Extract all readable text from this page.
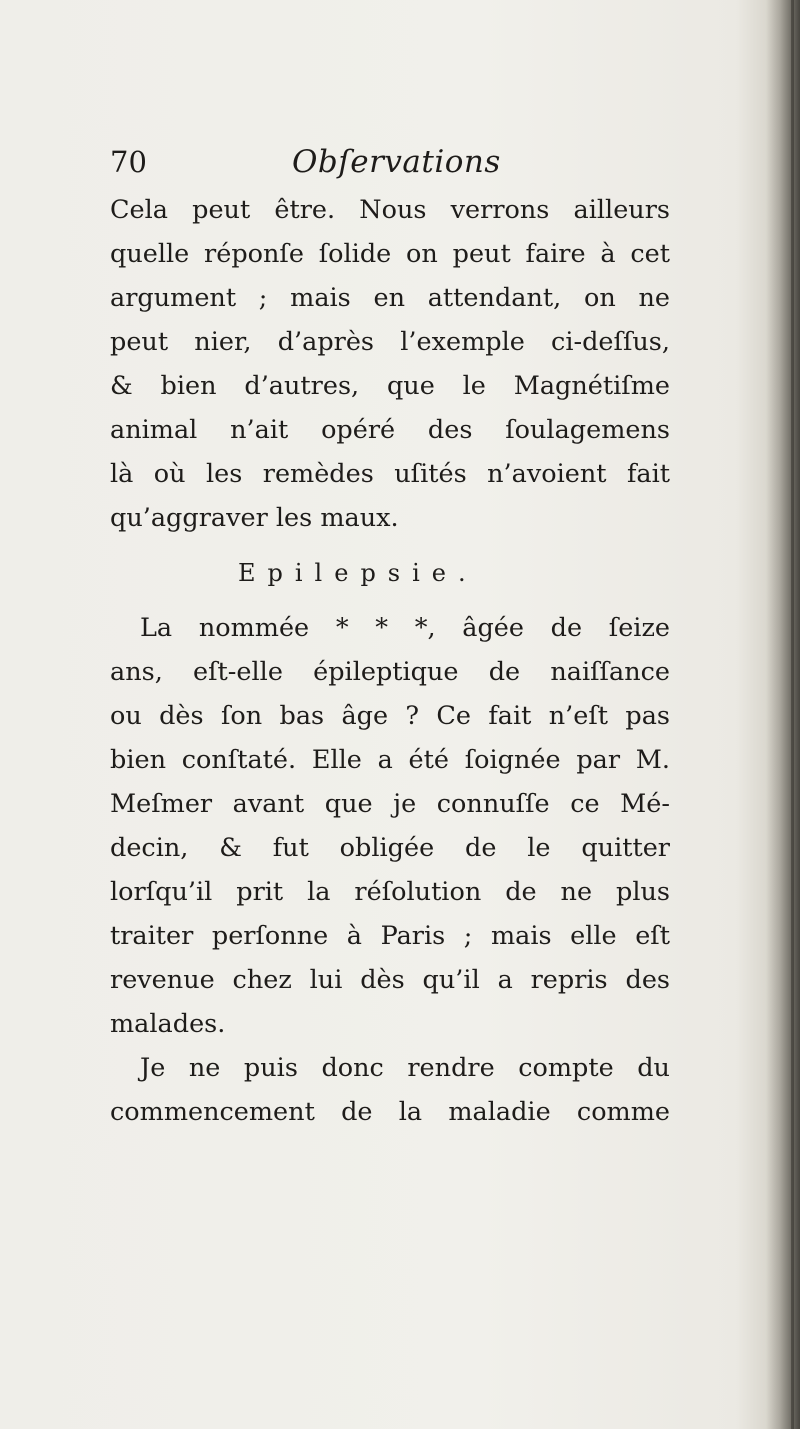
70	Obſervations
Cela peut être. Nous verrons ailleurs
quelle réponſe ſolide on peut faire à cet
argument ; mais en attendant, on ne
peut nier, d’après l’exemple ci-deſſus,
& bien d’autres, que le Magnétiſme
animal n’ait opéré des ſoulagemens
là où les remèdes uſités n’avoient fait
qu’aggraver les maux.
Epilepsie.
La nommée * * *, âgée de ſeize
ans, eſt-elle épileptique de naiſſance
ou dès ſon bas âge ? Ce fait n’eſt pas
bien conſtaté. Elle a été ſoignée par M.
Meſmer avant que je connuſſe ce Mé-
decin, & fut obligée de le quitter
lorſqu’il prit la réſolution de ne plus
traiter perſonne à Paris ; mais elle eſt
revenue chez lui dès qu’il a repris des
malades.
Je ne puis donc rendre compte du
commencement de la maladie comme
